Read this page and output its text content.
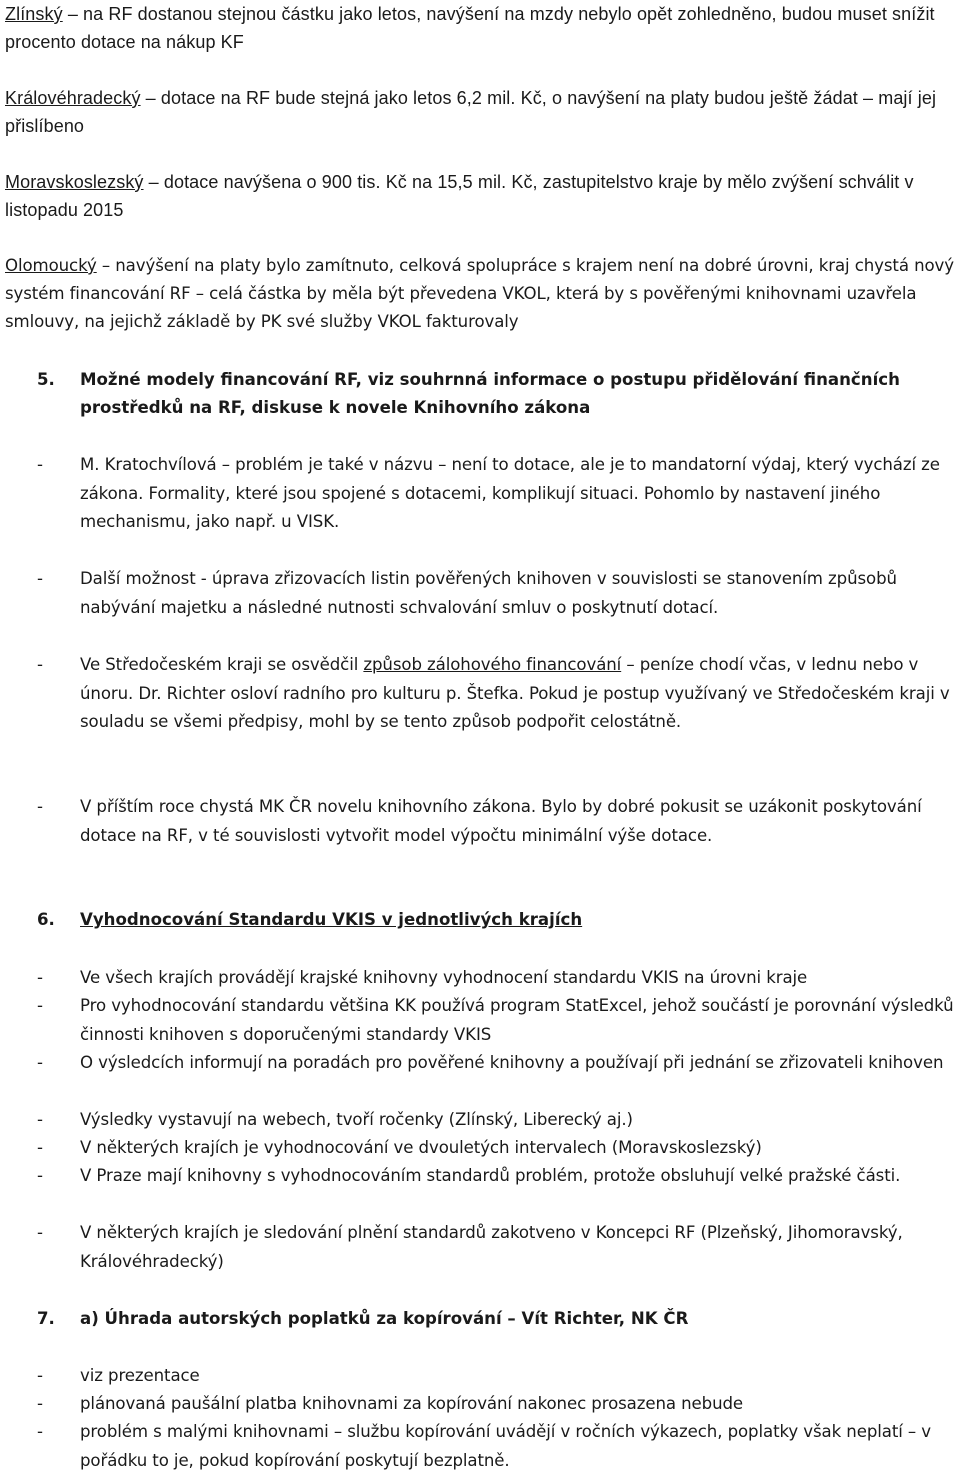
Zlínský – na RF dostanou stejnou částku jako letos, navýšení na mzdy nebylo opět zohledněno, budou muset snížit procento dotace na nákup KF
Královéhradecký – dotace na RF bude stejná jako letos 6,2 mil. Kč, o navýšení na platy budou ještě žádat – mají jej přislíbeno
Moravskoslezský – dotace navýšena o 900 tis. Kč na 15,5 mil. Kč, zastupitelstvo kraje by mělo zvýšení schválit v listopadu 2015
Olomoucký – navýšení na platy bylo zamítnuto, celková spolupráce s krajem není na dobré úrovni, kraj chystá nový systém financování RF – celá částka by měla být převedena VKOL, která by s pověřenými knihovnami uzavřela smlouvy, na jejichž základě by PK své služby VKOL fakturovaly
5. Možné modely financování RF, viz souhrnná informace o postupu přidělování finančních prostředků na RF, diskuse k novele Knihovního zákona
- M. Kratochvílová – problém je také v názvu – není to dotace, ale je to mandatorní výdaj, který vychází ze zákona. Formality, které jsou spojené s dotacemi, komplikují situaci. Pohomlo by nastavení jiného mechanismu, jako např. u VISK.
- Další možnost - úprava zřizovacích listin pověřených knihoven v souvislosti se stanovením způsobů nabývání majetku a následné nutnosti schvalování smluv o poskytnutí dotací.
- Ve Středočeském kraji se osvědčil způsob zálohového financování – peníze chodí včas, v lednu nebo v únoru. Dr. Richter osloví radního pro kulturu p. Štefka. Pokud je postup využívaný ve Středočeském kraji v souladu se všemi předpisy, mohl by se tento způsob podpořit celostátně.
- V příštím roce chystá MK ČR novelu knihovního zákona. Bylo by dobré pokusit se uzákonit poskytování dotace na RF, v té souvislosti vytvořit model výpočtu minimální výše dotace.
6. Vyhodnocování Standardu VKIS v jednotlivých krajích
- Ve všech krajích provádějí krajské knihovny vyhodnocení standardu VKIS na úrovni kraje
- Pro vyhodnocování standardu většina KK používá program StatExcel, jehož součástí je porovnání výsledků činnosti knihoven s doporučenými standardy VKIS
- O výsledcích informují na poradách pro pověřené knihovny a používají při jednání se zřizovateli knihoven
- Výsledky vystavují na webech, tvoří ročenky (Zlínský, Liberecký aj.)
- V některých krajích je vyhodnocování ve dvouletých intervalech (Moravskoslezský)
- V Praze mají knihovny s vyhodnocováním standardů problém, protože obsluhují velké pražské části.
- V některých krajích je sledování plnění standardů zakotveno v Koncepci RF (Plzeňský, Jihomoravský, Královéhradecký)
7. a) Úhrada autorských poplatků za kopírování – Vít Richter, NK ČR
- viz prezentace
- plánovaná paušální platba knihovnami za kopírování nakonec prosazena nebude
- problém s malými knihovnami – službu kopírování uvádějí v ročních výkazech, poplatky však neplatí – v pořádku to je, pokud kopírování poskytují bezplatně.
